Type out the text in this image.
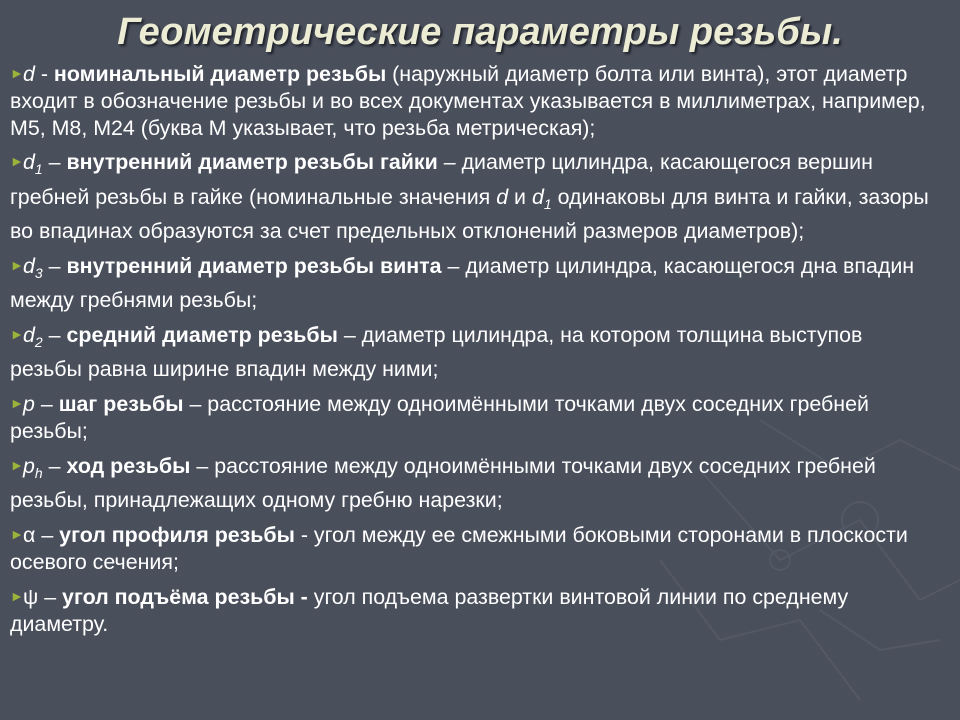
Геометрические параметры резьбы.
►d - номинальный диаметр резьбы (наружный диаметр болта или винта), этот диаметр входит в обозначение резьбы и во всех документах указывается в миллиметрах, например, М5, М8, М24 (буква М указывает, что резьба метрическая);
$►d_1$ – внутренний диаметр резьбы гайки – диаметр цилиндра, касающегося вершин гребней резьбы в гайке (номинальные значения d и $d_1$ одинаковы для винта и гайки, зазоры во впадинах образуются за счет предельных отклонений размеров диаметров);
$►d_3$ – внутренний диаметр резьбы винта – диаметр цилиндра, касающегося дна впадин между гребнями резьбы;
$►d_2$ – средний диаметр резьбы – диаметр цилиндра, на котором толщина выступов резьбы равна ширине впадин между ними;
►p – шаг резьбы – расстояние между одноимёнными точками двух соседних гребней резьбы;
$►p_h$ – ход резьбы – расстояние между одноимёнными точками двух соседних гребней резьбы, принадлежащих одному гребню нарезки;
►α – угол профиля резьбы - угол между ее смежными боковыми сторонами в плоскости осевого сечения;
►ψ – угол подъёма резьбы - угол подъема развертки винтовой линии по среднему диаметру.
